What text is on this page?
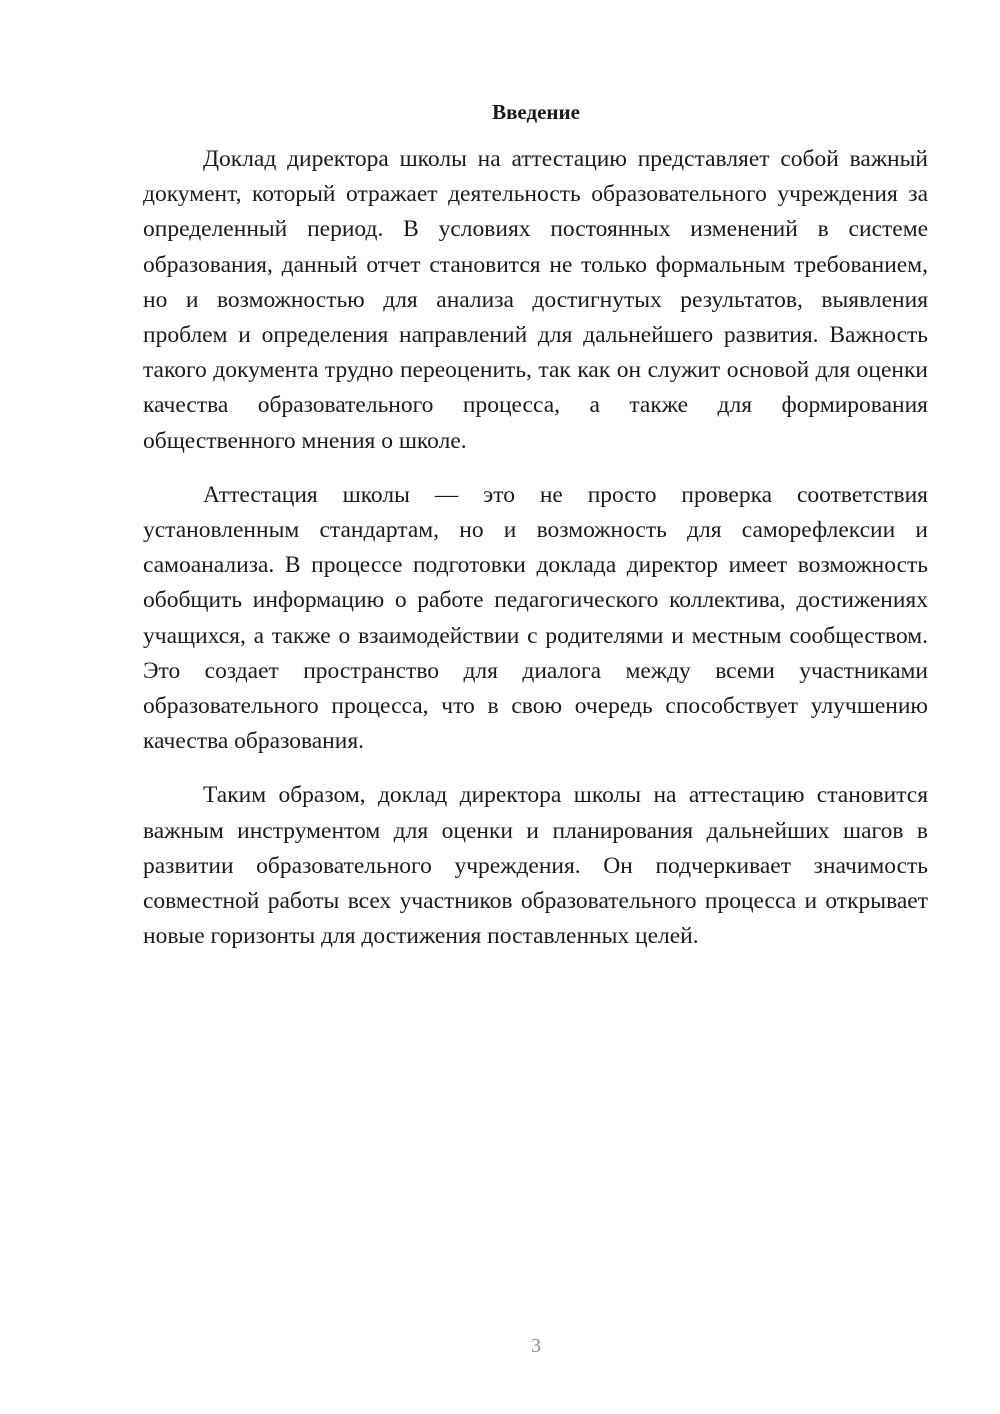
Введение

Доклад директора школы на аттестацию представляет собой важный документ, который отражает деятельность образовательного учреждения за определенный период. В условиях постоянных изменений в системе образования, данный отчет становится не только формальным требованием, но и возможностью для анализа достигнутых результатов, выявления проблем и определения направлений для дальнейшего развития. Важность такого документа трудно переоценить, так как он служит основой для оценки качества образовательного процесса, а также для формирования общественного мнения о школе.

Аттестация школы — это не просто проверка соответствия установленным стандартам, но и возможность для саморефлексии и самоанализа. В процессе подготовки доклада директор имеет возможность обобщить информацию о работе педагогического коллектива, достижениях учащихся, а также о взаимодействии с родителями и местным сообществом. Это создает пространство для диалога между всеми участниками образовательного процесса, что в свою очередь способствует улучшению качества образования.

Таким образом, доклад директора школы на аттестацию становится важным инструментом для оценки и планирования дальнейших шагов в развитии образовательного учреждения. Он подчеркивает значимость совместной работы всех участников образовательного процесса и открывает новые горизонты для достижения поставленных целей.

3
